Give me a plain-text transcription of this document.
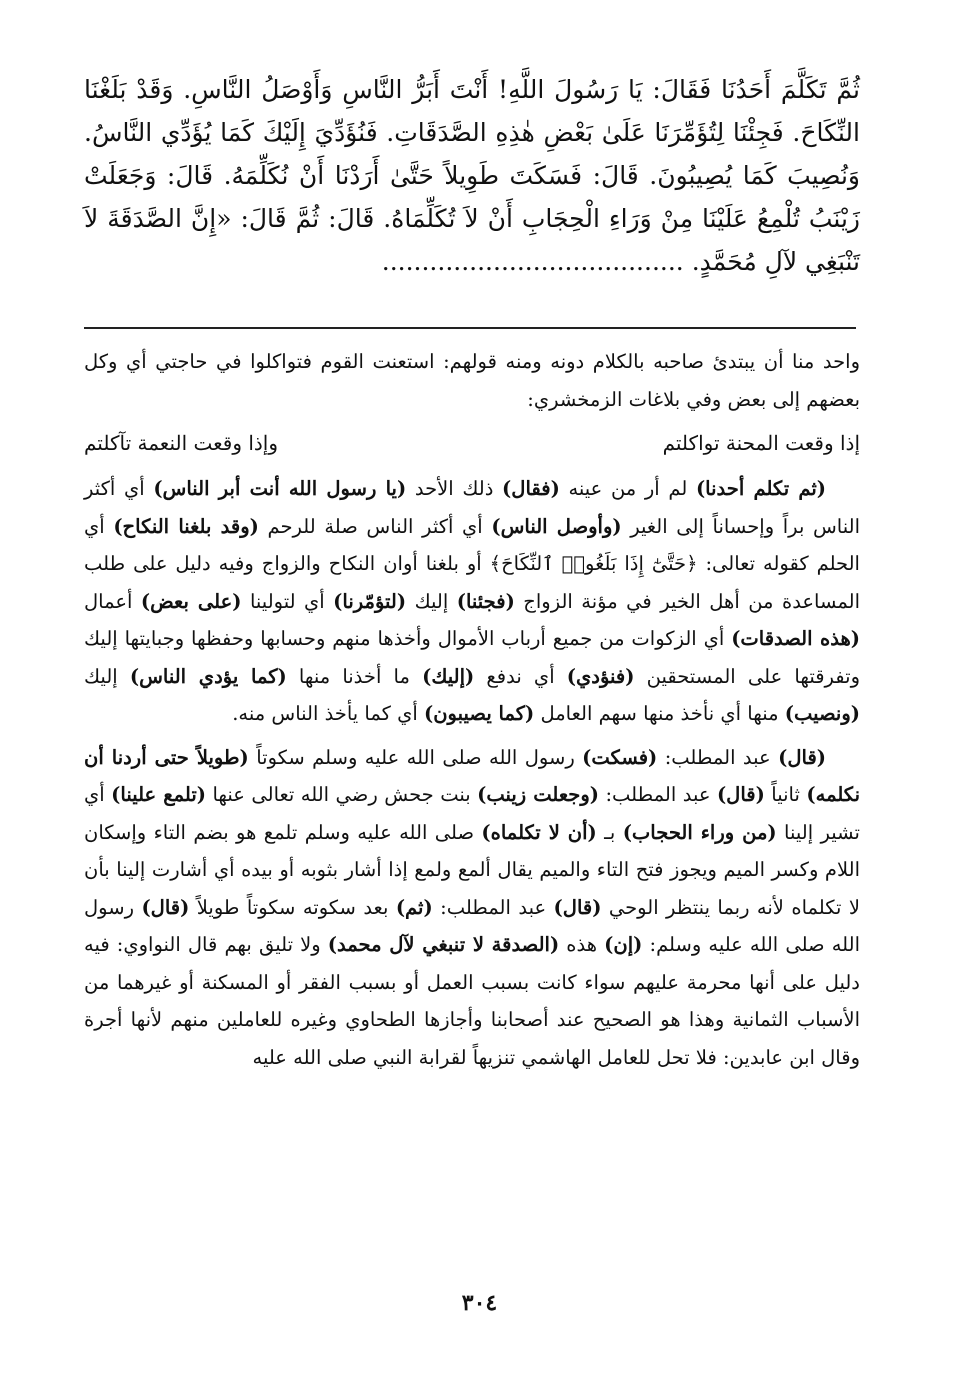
ثُمَّ تَكَلَّمَ أَحَدُنَا فَقَالَ: يَا رَسُولَ اللَّهِ! أَنْتَ أَبَرُّ النَّاسِ وَأَوْصَلُ النَّاسِ. وَقَدْ بَلَغْنَا النِّكَاحَ. فَجِئْنَا لِتُؤَمِّرَنَا عَلَىٰ بَعْضِ هٰذِهِ الصَّدَقَاتِ. فَنُؤَدِّيَ إِلَيْكَ كَمَا يُؤَدِّي النَّاسُ. وَنُصِيبَ كَمَا يُصِيبُونَ. قَالَ: فَسَكَتَ طَوِيلاً حَتَّىٰ أَرَدْنَا أَنْ نُكَلِّمَهُ. قَالَ: وَجَعَلَتْ زَيْنَبُ تُلْمِعُ عَلَيْنَا مِنْ وَرَاءِ الْحِجَابِ أَنْ لاَ تُكَلِّمَاهُ. قَالَ: ثُمَّ قَالَ: «إِنَّ الصَّدَقَةَ لاَ تَنْبَغِي لآلِ مُحَمَّدٍ. ......................................

واحد منا أن يبتدئ صاحبه بالكلام دونه ومنه قولهم: استعنت القوم فتواكلوا في حاجتي أي وكل بعضهم إلى بعض وفي بلاغات الزمخشري:

إذا وقعت المحنة تواكلتم
وإذا وقعت النعمة تآكلتم

(ثم تكلم أحدنا) لم أر من عينه (فقال) ذلك الأحد (يا رسول الله أنت أبر الناس) أي أكثر الناس براً وإحساناً إلى الغير (وأوصل الناس) أي أكثر الناس صلة للرحم (وقد بلغنا النكاح) أي الحلم كقوله تعالى: ﴿حَتَّىٰٓ إِذَا بَلَغُوا۟ ٱلنِّكَاحَ﴾ أو بلغنا أوان النكاح والزواج وفيه دليل على طلب المساعدة من أهل الخير في مؤنة الزواج (فجئنا) إليك (لتؤمّرنا) أي لتولينا (على بعض) أعمال (هذه الصدقات) أي الزكوات من جميع أرباب الأموال وأخذها منهم وحسابها وحفظها وجبايتها إليك وتفرقتها على المستحقين (فنؤدي) أي ندفع (إليك) ما أخذنا منها (كما يؤدي الناس) إليك (ونصيب) منها أي نأخذ منها سهم العامل (كما يصيبون) أي كما يأخذ الناس منه.

(قال) عبد المطلب: (فسكت) رسول الله صلى الله عليه وسلم سكوتاً (طويلاً حتى أردنا أن نكلمه) ثانياً (قال) عبد المطلب: (وجعلت زينب) بنت جحش رضي الله تعالى عنها (تلمع علينا) أي تشير إلينا (من وراء الحجاب) بـ (أن لا تكلماه) صلى الله عليه وسلم تلمع هو بضم التاء وإسكان اللام وكسر الميم ويجوز فتح التاء والميم يقال ألمع ولمع إذا أشار بثوبه أو بيده أي أشارت إلينا بأن لا تكلماه لأنه ربما ينتظر الوحي (قال) عبد المطلب: (ثم) بعد سكوته سكوتاً طويلاً (قال) رسول الله صلى الله عليه وسلم: (إن) هذه (الصدقة لا تنبغي لآل محمد) ولا تليق بهم قال النواوي: فيه دليل على أنها محرمة عليهم سواء كانت بسبب العمل أو بسبب الفقر أو المسكنة أو غيرهما من الأسباب الثمانية وهذا هو الصحيح عند أصحابنا وأجازها الطحاوي وغيره للعاملين منهم لأنها أجرة وقال ابن عابدين: فلا تحل للعامل الهاشمي تنزيهاً لقرابة النبي صلى الله عليه

٣٠٤
